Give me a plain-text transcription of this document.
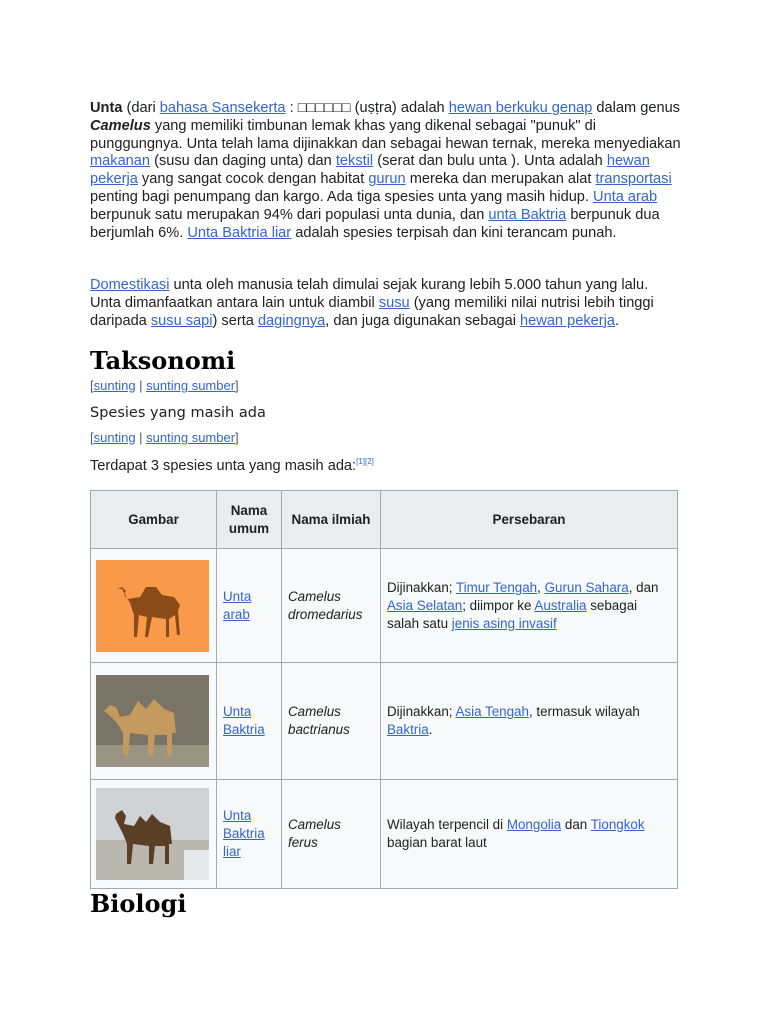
Unta (dari bahasa Sansekerta : □□□□□□ (uṣṭra) adalah hewan berkuku genap dalam genus Camelus yang memiliki timbunan lemak khas yang dikenal sebagai "punuk" di punggungnya. Unta telah lama dijinakkan dan sebagai hewan ternak, mereka menyediakan makanan (susu dan daging unta) dan tekstil (serat dan bulu unta ). Unta adalah hewan pekerja yang sangat cocok dengan habitat gurun mereka dan merupakan alat transportasi penting bagi penumpang dan kargo. Ada tiga spesies unta yang masih hidup. Unta arab berpunuk satu merupakan 94% dari populasi unta dunia, dan unta Baktria berpunuk dua berjumlah 6%. Unta Baktria liar adalah spesies terpisah dan kini terancam punah.

Domestikasi unta oleh manusia telah dimulai sejak kurang lebih 5.000 tahun yang lalu. Unta dimanfaatkan antara lain untuk diambil susu (yang memiliki nilai nutrisi lebih tinggi daripada susu sapi) serta dagingnya, dan juga digunakan sebagai hewan pekerja.

Taksonomi
[sunting | sunting sumber]
Spesies yang masih ada
[sunting | sunting sumber]
Terdapat 3 spesies unta yang masih ada:[1][2]
Gambar	Nama umum	Nama ilmiah	Persebaran

	Unta arab	Camelus dromedarius	Dijinakkan; Timur Tengah, Gurun Sahara, dan Asia Selatan; diimpor ke Australia sebagai salah satu jenis asing invasif

	Unta Baktria	Camelus bactrianus	Dijinakkan; Asia Tengah, termasuk wilayah Baktria.

	Unta Baktria liar	Camelus ferus	Wilayah terpencil di Mongolia dan Tiongkok bagian barat laut
Biologi
